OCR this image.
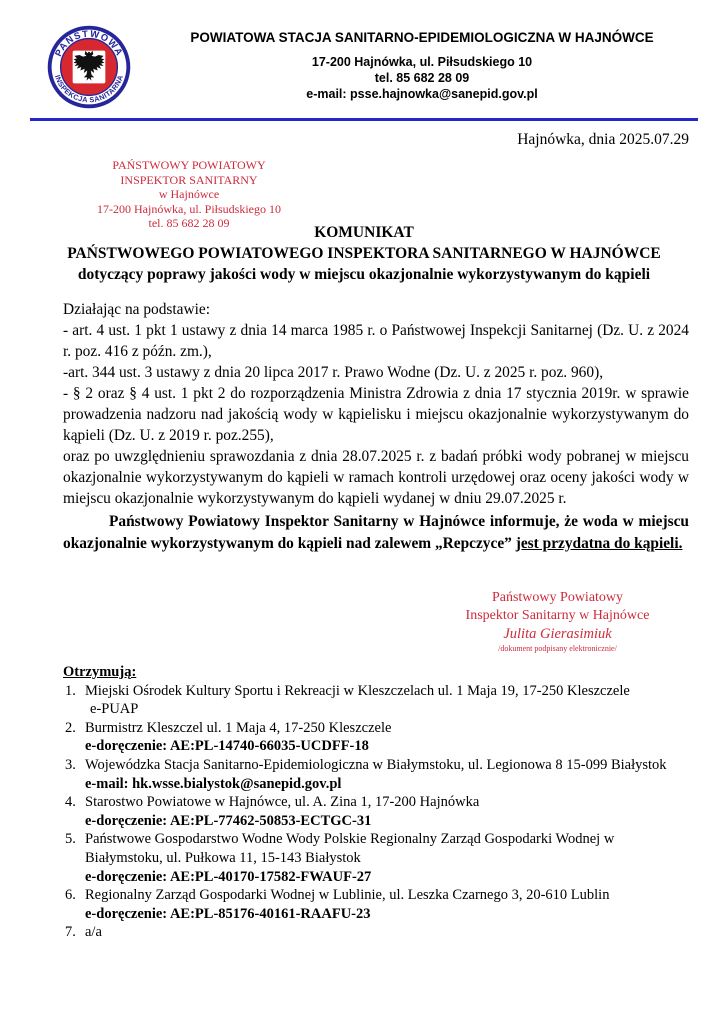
PAŃSTWOWA
INSPEKCJA SANITARNA
POWIATOWA STACJA SANITARNO-EPIDEMIOLOGICZNA W HAJNÓWCE
17-200 Hajnówka, ul. Piłsudskiego 10
tel. 85 682 28 09
e-mail: psse.hajnowka@sanepid.gov.pl
Hajnówka, dnia 2025.07.29
PAŃSTWOWY POWIATOWY
INSPEKTOR SANITARNY
w Hajnówce
17-200 Hajnówka, ul. Piłsudskiego 10
tel. 85 682 28 09
KOMUNIKAT
PAŃSTWOWEGO POWIATOWEGO INSPEKTORA SANITARNEGO W HAJNÓWCE
dotyczący poprawy jakości wody w miejscu okazjonalnie wykorzystywanym do kąpieli

Działając na podstawie:

- art. 4 ust. 1 pkt 1 ustawy z dnia 14 marca 1985 r. o Państwowej Inspekcji Sanitarnej (Dz. U. z 2024 r. poz. 416 z późn. zm.),

-art. 344 ust. 3 ustawy z dnia 20 lipca 2017 r. Prawo Wodne (Dz. U. z 2025 r. poz. 960),

- § 2 oraz § 4 ust. 1 pkt 2 do rozporządzenia Ministra Zdrowia z dnia 17 stycznia 2019r. w sprawie prowadzenia nadzoru nad jakością wody w kąpielisku i miejscu okazjonalnie wykorzystywanym do kąpieli (Dz. U. z 2019 r. poz.255),

oraz po uwzględnieniu sprawozdania z dnia 28.07.2025 r. z badań próbki wody pobranej w miejscu okazjonalnie wykorzystywanym do kąpieli w ramach kontroli urzędowej oraz oceny jakości wody w miejscu okazjonalnie wykorzystywanym do kąpieli wydanej w dniu 29.07.2025 r.

Państwowy Powiatowy Inspektor Sanitarny w Hajnówce informuje, że woda w miejscu okazjonalnie wykorzystywanym do kąpieli nad zalewem „Repczyce” jest przydatna do kąpieli.

Państwowy Powiatowy
Inspektor Sanitarny w Hajnówce
Julita Gierasimiuk
/dokument podpisany elektronicznie/
Otrzymują:
1. Miejski Ośrodek Kultury Sportu i Rekreacji w Kleszczelach ul. 1 Maja 19, 17-250 Kleszczele
e-PUAP
2. Burmistrz Kleszczel ul. 1 Maja 4, 17-250 Kleszczele
e-doręczenie: AE:PL-14740-66035-UCDFF-18
3. Wojewódzka Stacja Sanitarno-Epidemiologiczna w Białymstoku, ul. Legionowa 8 15-099 Białystok
e-mail: hk.wsse.bialystok@sanepid.gov.pl
4. Starostwo Powiatowe w Hajnówce, ul. A. Zina 1, 17-200 Hajnówka
e-doręczenie: AE:PL-77462-50853-ECTGC-31
5. Państwowe Gospodarstwo Wodne Wody Polskie Regionalny Zarząd Gospodarki Wodnej w Białymstoku, ul. Pułkowa 11, 15-143 Białystok
e-doręczenie: AE:PL-40170-17582-FWAUF-27
6. Regionalny Zarząd Gospodarki Wodnej w Lublinie, ul. Leszka Czarnego 3, 20-610 Lublin
e-doręczenie: AE:PL-85176-40161-RAAFU-23
7. a/a
